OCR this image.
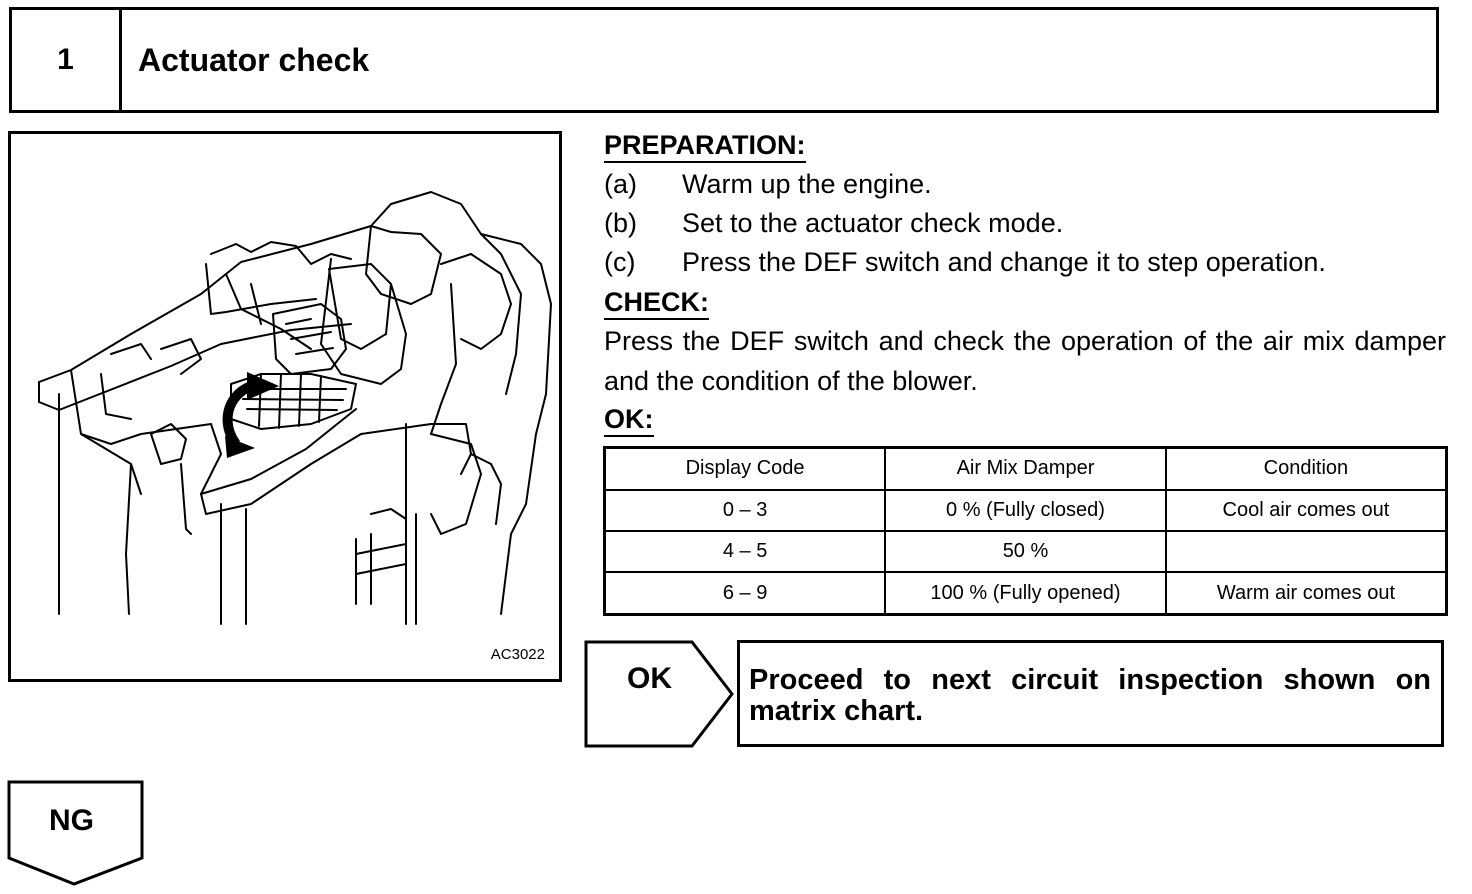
1	Actuator check
AC3022
PREPARATION:
(a) Warm up the engine.
(b) Set to the actuator check mode.
(c) Press the DEF switch and change it to step operation.
CHECK:
Press the DEF switch and check the operation of the air mix damper and the condition of the blower.
OK:
Display Code	Air Mix Damper	Condition
0 – 3	0 % (Fully closed)	Cool air comes out
4 – 5	50 %	
6 – 9	100 % (Fully opened)	Warm air comes out
OK	Proceed to next circuit inspection shown on matrix chart.
NG
